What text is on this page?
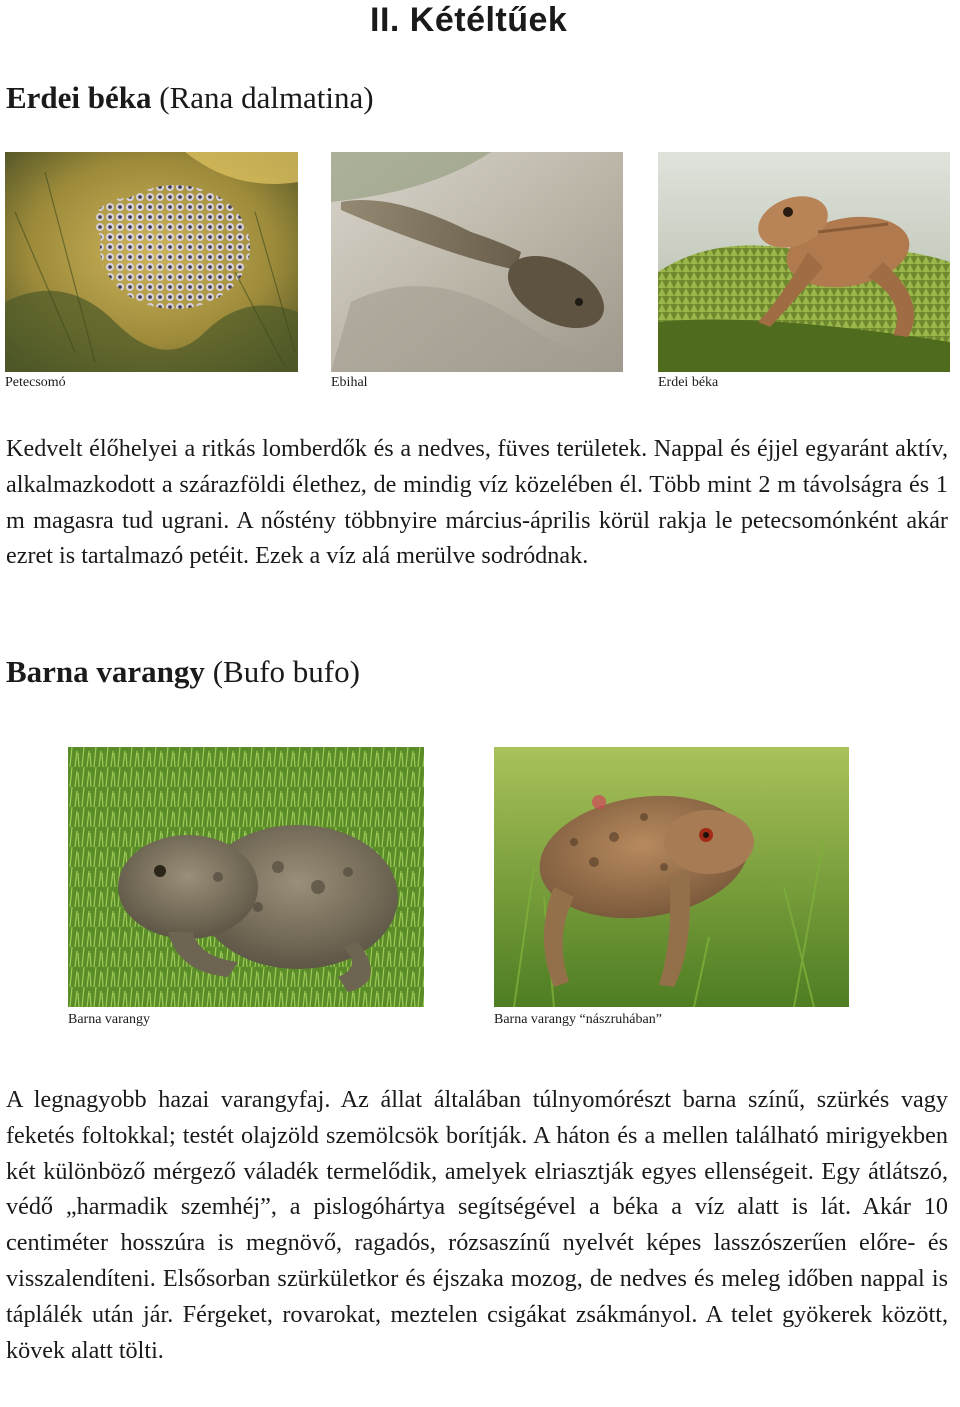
II. Kétéltűek
Erdei béka (Rana dalmatina)
Petecsomó	Ebihal	Erdei béka

Kedvelt élőhelyei a ritkás lomberdők és a nedves, füves területek. Nappal és éjjel egyaránt aktív, alkalmazkodott a szárazföldi élethez, de mindig víz közelében él. Több mint 2 m távolságra és 1 m magasra tud ugrani. A nőstény többnyire március-április körül rakja le petecsomónként akár ezret is tartalmazó petéit. Ezek a víz alá merülve sodródnak.

Barna varangy (Bufo bufo)
Barna varangy	Barna varangy “nászruhában”

A legnagyobb hazai varangyfaj. Az állat általában túlnyomórészt barna színű, szürkés vagy feketés foltokkal; testét olajzöld szemölcsök borítják. A háton és a mellen található mirigyekben két különböző mérgező váladék termelődik, amelyek elriasztják egyes ellenségeit. Egy átlátszó, védő „harmadik szemhéj”, a pislogóhártya segítségével a béka a víz alatt is lát. Akár 10 centiméter hosszúra is megnövő, ragadós, rózsaszínű nyelvét képes lasszószerűen előre- és visszalendíteni. Elsősorban szürkületkor és éjszaka mozog, de nedves és meleg időben nappal is táplálék után jár. Férgeket, rovarokat, meztelen csigákat zsákmányol. A telet gyökerek között, kövek alatt tölti.
